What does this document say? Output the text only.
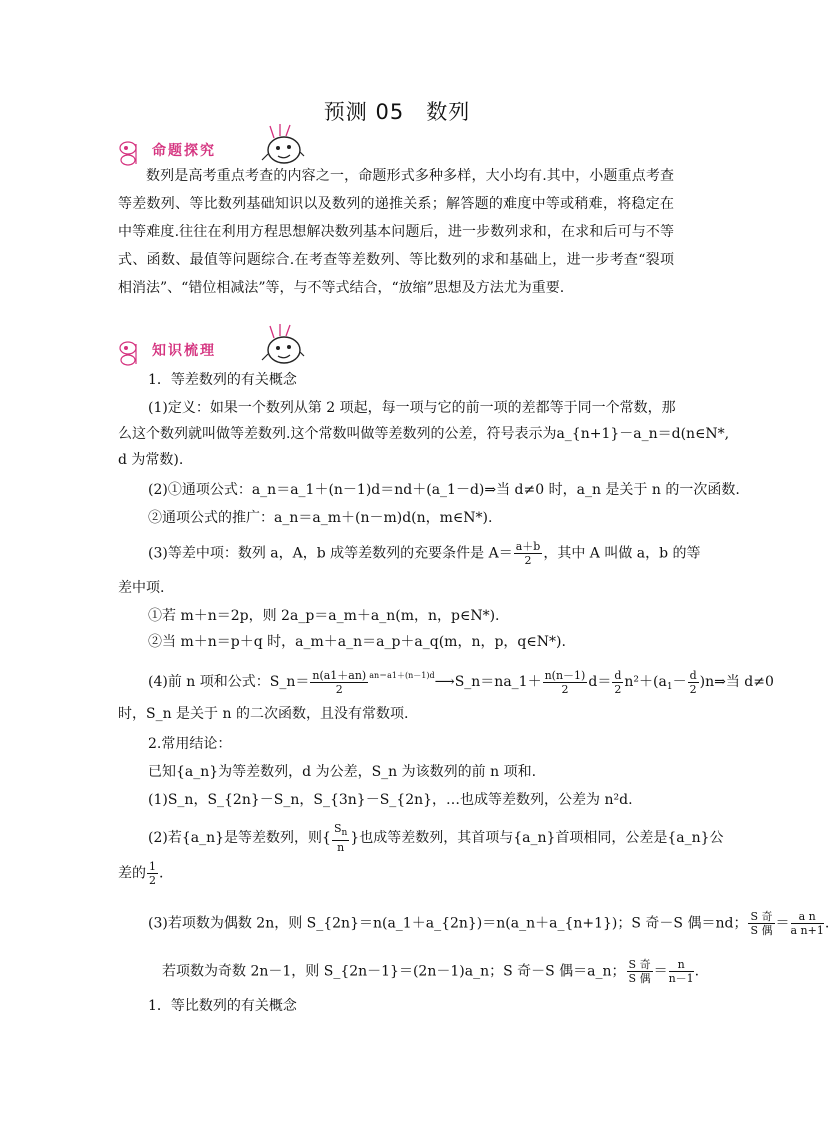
预测 05　数列
命题探究
数列是高考重点考查的内容之一，命题形式多种多样，大小均有.其中，小题重点考查等差数列、等比数列基础知识以及数列的递推关系；解答题的难度中等或稍难，将稳定在中等难度.往往在利用方程思想解决数列基本问题后，进一步数列求和，在求和后可与不等式、函数、最值等问题综合.在考查等差数列、等比数列的求和基础上，进一步考查“裂项相消法”、“错位相减法”等，与不等式结合，“放缩”思想及方法尤为重要.
知识梳理
1．等差数列的有关概念
(1)定义：如果一个数列从第 2 项起，每一项与它的前一项的差都等于同一个常数，那
么这个数列就叫做等差数列.这个常数叫做等差数列的公差，符号表示为a_{n+1}－a_n＝d(n∈N*,
d 为常数).
(2)①通项公式：a_n＝a_1＋(n－1)d＝nd＋(a_1－d)⇒当 d≠0 时，a_n 是关于 n 的一次函数.
②通项公式的推广：a_n＝a_m＋(n－m)d(n，m∈N*).
(3)等差中项：数列 a，A，b 成等差数列的充要条件是 $A= \frac{a+b}{2}$ ，其中 A 叫做 a，b 的等
差中项.
①若 m＋n＝2p，则 2a_p＝a_m＋a_n(m，n，p∈N*).
②当 m＋n＝p＋q 时，a_m＋a_n＝a_p＋a_q(m，n，p，q∈N*).
(4)前 n 项和公式：S_n＝ $\frac{n(a1+an)}{2}$ $^{an=a1+(n-1)d}$⟶S_n＝na_1＋ $\frac{n(n-1)}{2} d= \frac{d}{2} n^2+(a_1- \frac{d}{2}$ )n⇒当 d≠0
时，S_n 是关于 n 的二次函数，且没有常数项.
2.常用结论：
已知{a_n}为等差数列，d 为公差，S_n 为该数列的前 n 项和.
(1)S_n，S_{2n}－S_n，S_{3n}－S_{2n}，…也成等差数列，公差为 n²d.
(2)若{a_n}是等差数列，则{ $\frac{S_n}{n}$ }也成等差数列，其首项与{a_n}首项相同，公差是{a_n}公
差的 $\frac{1}{2}$ .
(3)若项数为偶数 2n，则 S_{2n}＝n(a_1＋a_{2n})＝n(a_n＋a_{n+1})；S 奇－S 偶＝nd； $\frac{\text{S 奇}}{\text{S 偶}} = \frac{\text{a n}}{\text{a n+1}}$ .
若项数为奇数 2n－1，则 S_{2n－1}＝(2n－1)a_n；S 奇－S 偶＝a_n； $\frac{\text{S 奇}}{\text{S 偶}} = \frac{n}{n-1}$ .
1．等比数列的有关概念
